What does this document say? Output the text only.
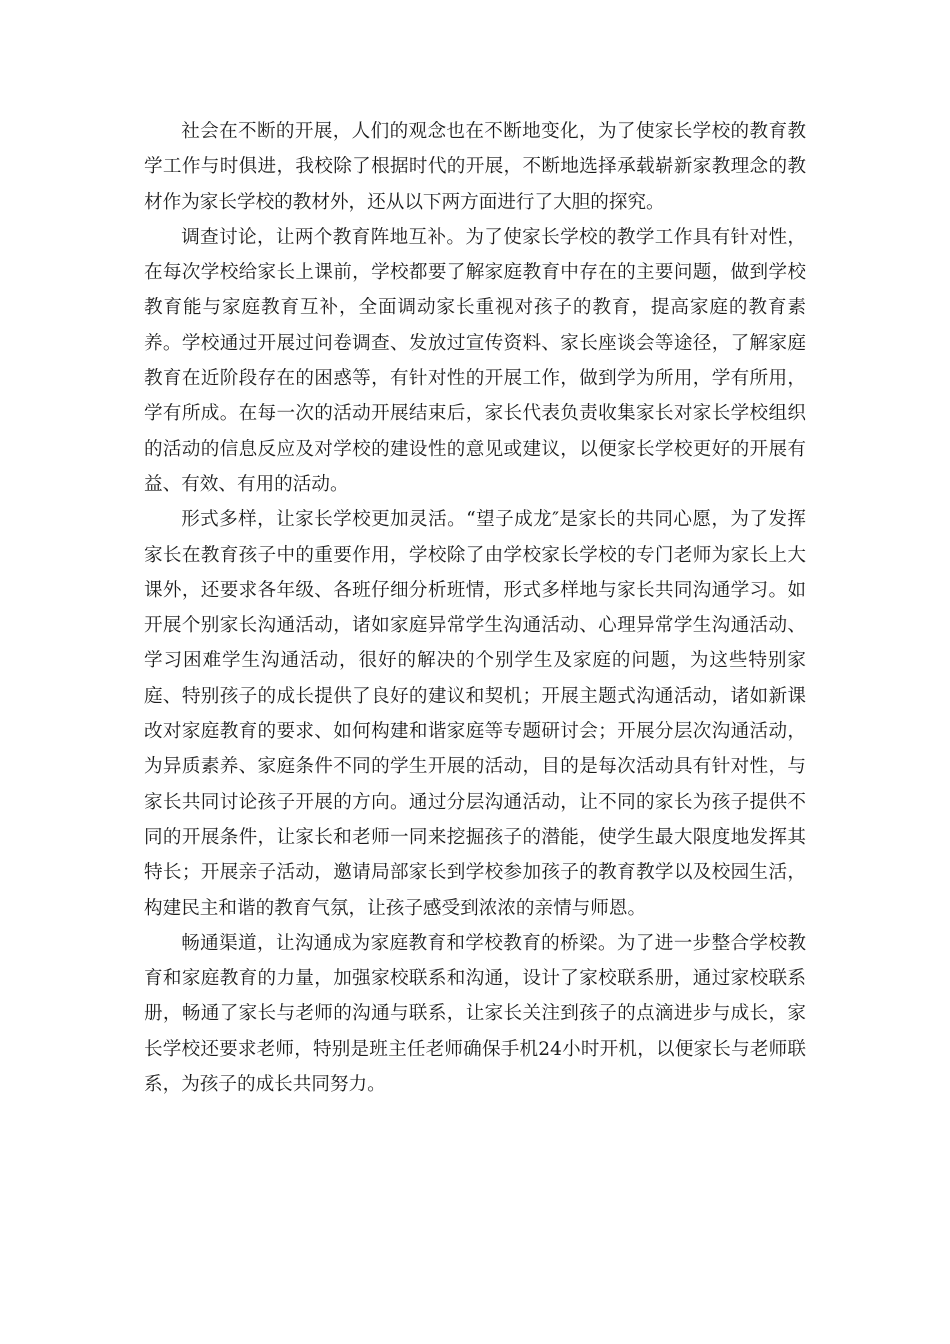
社会在不断的开展，人们的观念也在不断地变化，为了使家长学校的教育教学工作与时俱进，我校除了根据时代的开展，不断地选择承载崭新家教理念的教材作为家长学校的教材外，还从以下两方面进行了大胆的探究。

调查讨论，让两个教育阵地互补。为了使家长学校的教学工作具有针对性，在每次学校给家长上课前，学校都要了解家庭教育中存在的主要问题，做到学校教育能与家庭教育互补，全面调动家长重视对孩子的教育，提高家庭的教育素养。学校通过开展过问卷调查、发放过宣传资料、家长座谈会等途径，了解家庭教育在近阶段存在的困惑等，有针对性的开展工作，做到学为所用，学有所用，学有所成。在每一次的活动开展结束后，家长代表负责收集家长对家长学校组织的活动的信息反应及对学校的建设性的意见或建议，以便家长学校更好的开展有益、有效、有用的活动。

形式多样，让家长学校更加灵活。“望子成龙″是家长的共同心愿，为了发挥家长在教育孩子中的重要作用，学校除了由学校家长学校的专门老师为家长上大课外，还要求各年级、各班仔细分析班情，形式多样地与家长共同沟通学习。如开展个别家长沟通活动，诸如家庭异常学生沟通活动、心理异常学生沟通活动、学习困难学生沟通活动，很好的解决的个别学生及家庭的问题，为这些特别家庭、特别孩子的成长提供了良好的建议和契机；开展主题式沟通活动，诸如新课改对家庭教育的要求、如何构建和谐家庭等专题研讨会；开展分层次沟通活动，为异质素养、家庭条件不同的学生开展的活动，目的是每次活动具有针对性，与家长共同讨论孩子开展的方向。通过分层沟通活动，让不同的家长为孩子提供不同的开展条件，让家长和老师一同来挖掘孩子的潜能，使学生最大限度地发挥其特长；开展亲子活动，邀请局部家长到学校参加孩子的教育教学以及校园生活，构建民主和谐的教育气氛，让孩子感受到浓浓的亲情与师恩。

畅通渠道，让沟通成为家庭教育和学校教育的桥梁。为了进一步整合学校教育和家庭教育的力量，加强家校联系和沟通，设计了家校联系册，通过家校联系册，畅通了家长与老师的沟通与联系，让家长关注到孩子的点滴进步与成长，家长学校还要求老师，特别是班主任老师确保手机24小时开机，以便家长与老师联系，为孩子的成长共同努力。
